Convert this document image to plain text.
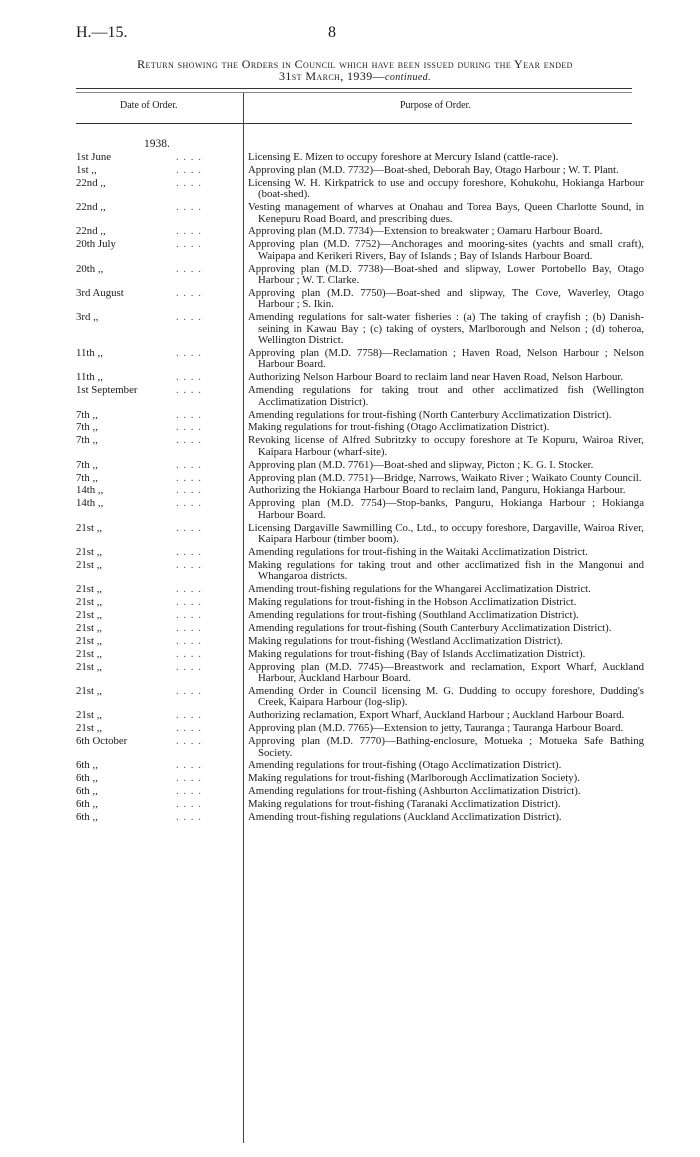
H.—15.	8
Return showing the Orders in Council which have been issued during the Year ended
31st March, 1939—continued.
Date of Order.	Purpose of Order.
1938.
1st June	. . . .	Licensing E. Mizen to occupy foreshore at Mercury Island (cattle-race).
1st ,,	. . . .	Approving plan (M.D. 7732)—Boat-shed, Deborah Bay, Otago Harbour ; W. T. Plant.
22nd ,,	. . . .	Licensing W. H. Kirkpatrick to use and occupy foreshore, Kohukohu, Hokianga Harbour (boat-shed).
22nd ,,	. . . .	Vesting management of wharves at Onahau and Torea Bays, Queen Charlotte Sound, in Kenepuru Road Board, and prescribing dues.
22nd ,,	. . . .	Approving plan (M.D. 7734)—Extension to breakwater ; Oamaru Harbour Board.
20th July	. . . .	Approving plan (M.D. 7752)—Anchorages and mooring-sites (yachts and small craft), Waipapa and Kerikeri Rivers, Bay of Islands ; Bay of Islands Harbour Board.
20th ,,	. . . .	Approving plan (M.D. 7738)—Boat-shed and slipway, Lower Portobello Bay, Otago Harbour ; W. T. Clarke.
3rd August	. . . .	Approving plan (M.D. 7750)—Boat-shed and slipway, The Cove, Waverley, Otago Harbour ; S. Ikin.
3rd ,,	. . . .	Amending regulations for salt-water fisheries : (a) The taking of crayfish ; (b) Danish-seining in Kawau Bay ; (c) taking of oysters, Marlborough and Nelson ; (d) toheroa, Wellington District.
11th ,,	. . . .	Approving plan (M.D. 7758)—Reclamation ; Haven Road, Nelson Harbour ; Nelson Harbour Board.
11th ,,	. . . .	Authorizing Nelson Harbour Board to reclaim land near Haven Road, Nelson Harbour.
1st September	. . . .	Amending regulations for taking trout and other acclimatized fish (Wellington Acclimatization District).
7th ,,	. . . .	Amending regulations for trout-fishing (North Canterbury Acclimatization District).
7th ,,	. . . .	Making regulations for trout-fishing (Otago Acclimatization District).
7th ,,	. . . .	Revoking license of Alfred Subritzky to occupy foreshore at Te Kopuru, Wairoa River, Kaipara Harbour (wharf-site).
7th ,,	. . . .	Approving plan (M.D. 7761)—Boat-shed and slipway, Picton ; K. G. I. Stocker.
7th ,,	. . . .	Approving plan (M.D. 7751)—Bridge, Narrows, Waikato River ; Waikato County Council.
14th ,,	. . . .	Authorizing the Hokianga Harbour Board to reclaim land, Panguru, Hokianga Harbour.
14th ,,	. . . .	Approving plan (M.D. 7754)—Stop-banks, Panguru, Hokianga Harbour ; Hokianga Harbour Board.
21st ,,	. . . .	Licensing Dargaville Sawmilling Co., Ltd., to occupy foreshore, Dargaville, Wairoa River, Kaipara Harbour (timber boom).
21st ,,	. . . .	Amending regulations for trout-fishing in the Waitaki Acclimatization District.
21st ,,	. . . .	Making regulations for taking trout and other acclimatized fish in the Mangonui and Whangaroa districts.
21st ,,	. . . .	Amending trout-fishing regulations for the Whangarei Acclimatization District.
21st ,,	. . . .	Making regulations for trout-fishing in the Hobson Acclimatization District.
21st ,,	. . . .	Amending regulations for trout-fishing (Southland Acclimatization District).
21st ,,	. . . .	Amending regulations for trout-fishing (South Canterbury Acclimatization District).
21st ,,	. . . .	Making regulations for trout-fishing (Westland Acclimatization District).
21st ,,	. . . .	Making regulations for trout-fishing (Bay of Islands Acclimatization District).
21st ,,	. . . .	Approving plan (M.D. 7745)—Breastwork and reclamation, Export Wharf, Auckland Harbour, Auckland Harbour Board.
21st ,,	. . . .	Amending Order in Council licensing M. G. Dudding to occupy foreshore, Dudding's Creek, Kaipara Harbour (log-slip).
21st ,,	. . . .	Authorizing reclamation, Export Wharf, Auckland Harbour ; Auckland Harbour Board.
21st ,,	. . . .	Approving plan (M.D. 7765)—Extension to jetty, Tauranga ; Tauranga Harbour Board.
6th October	. . . .	Approving plan (M.D. 7770)—Bathing-enclosure, Motueka ; Motueka Safe Bathing Society.
6th ,,	. . . .	Amending regulations for trout-fishing (Otago Acclimatization District).
6th ,,	. . . .	Making regulations for trout-fishing (Marlborough Acclimatization Society).
6th ,,	. . . .	Amending regulations for trout-fishing (Ashburton Acclimatization District).
6th ,,	. . . .	Making regulations for trout-fishing (Taranaki Acclimatization District).
6th ,,	. . . .	Amending trout-fishing regulations (Auckland Acclimatization District).
